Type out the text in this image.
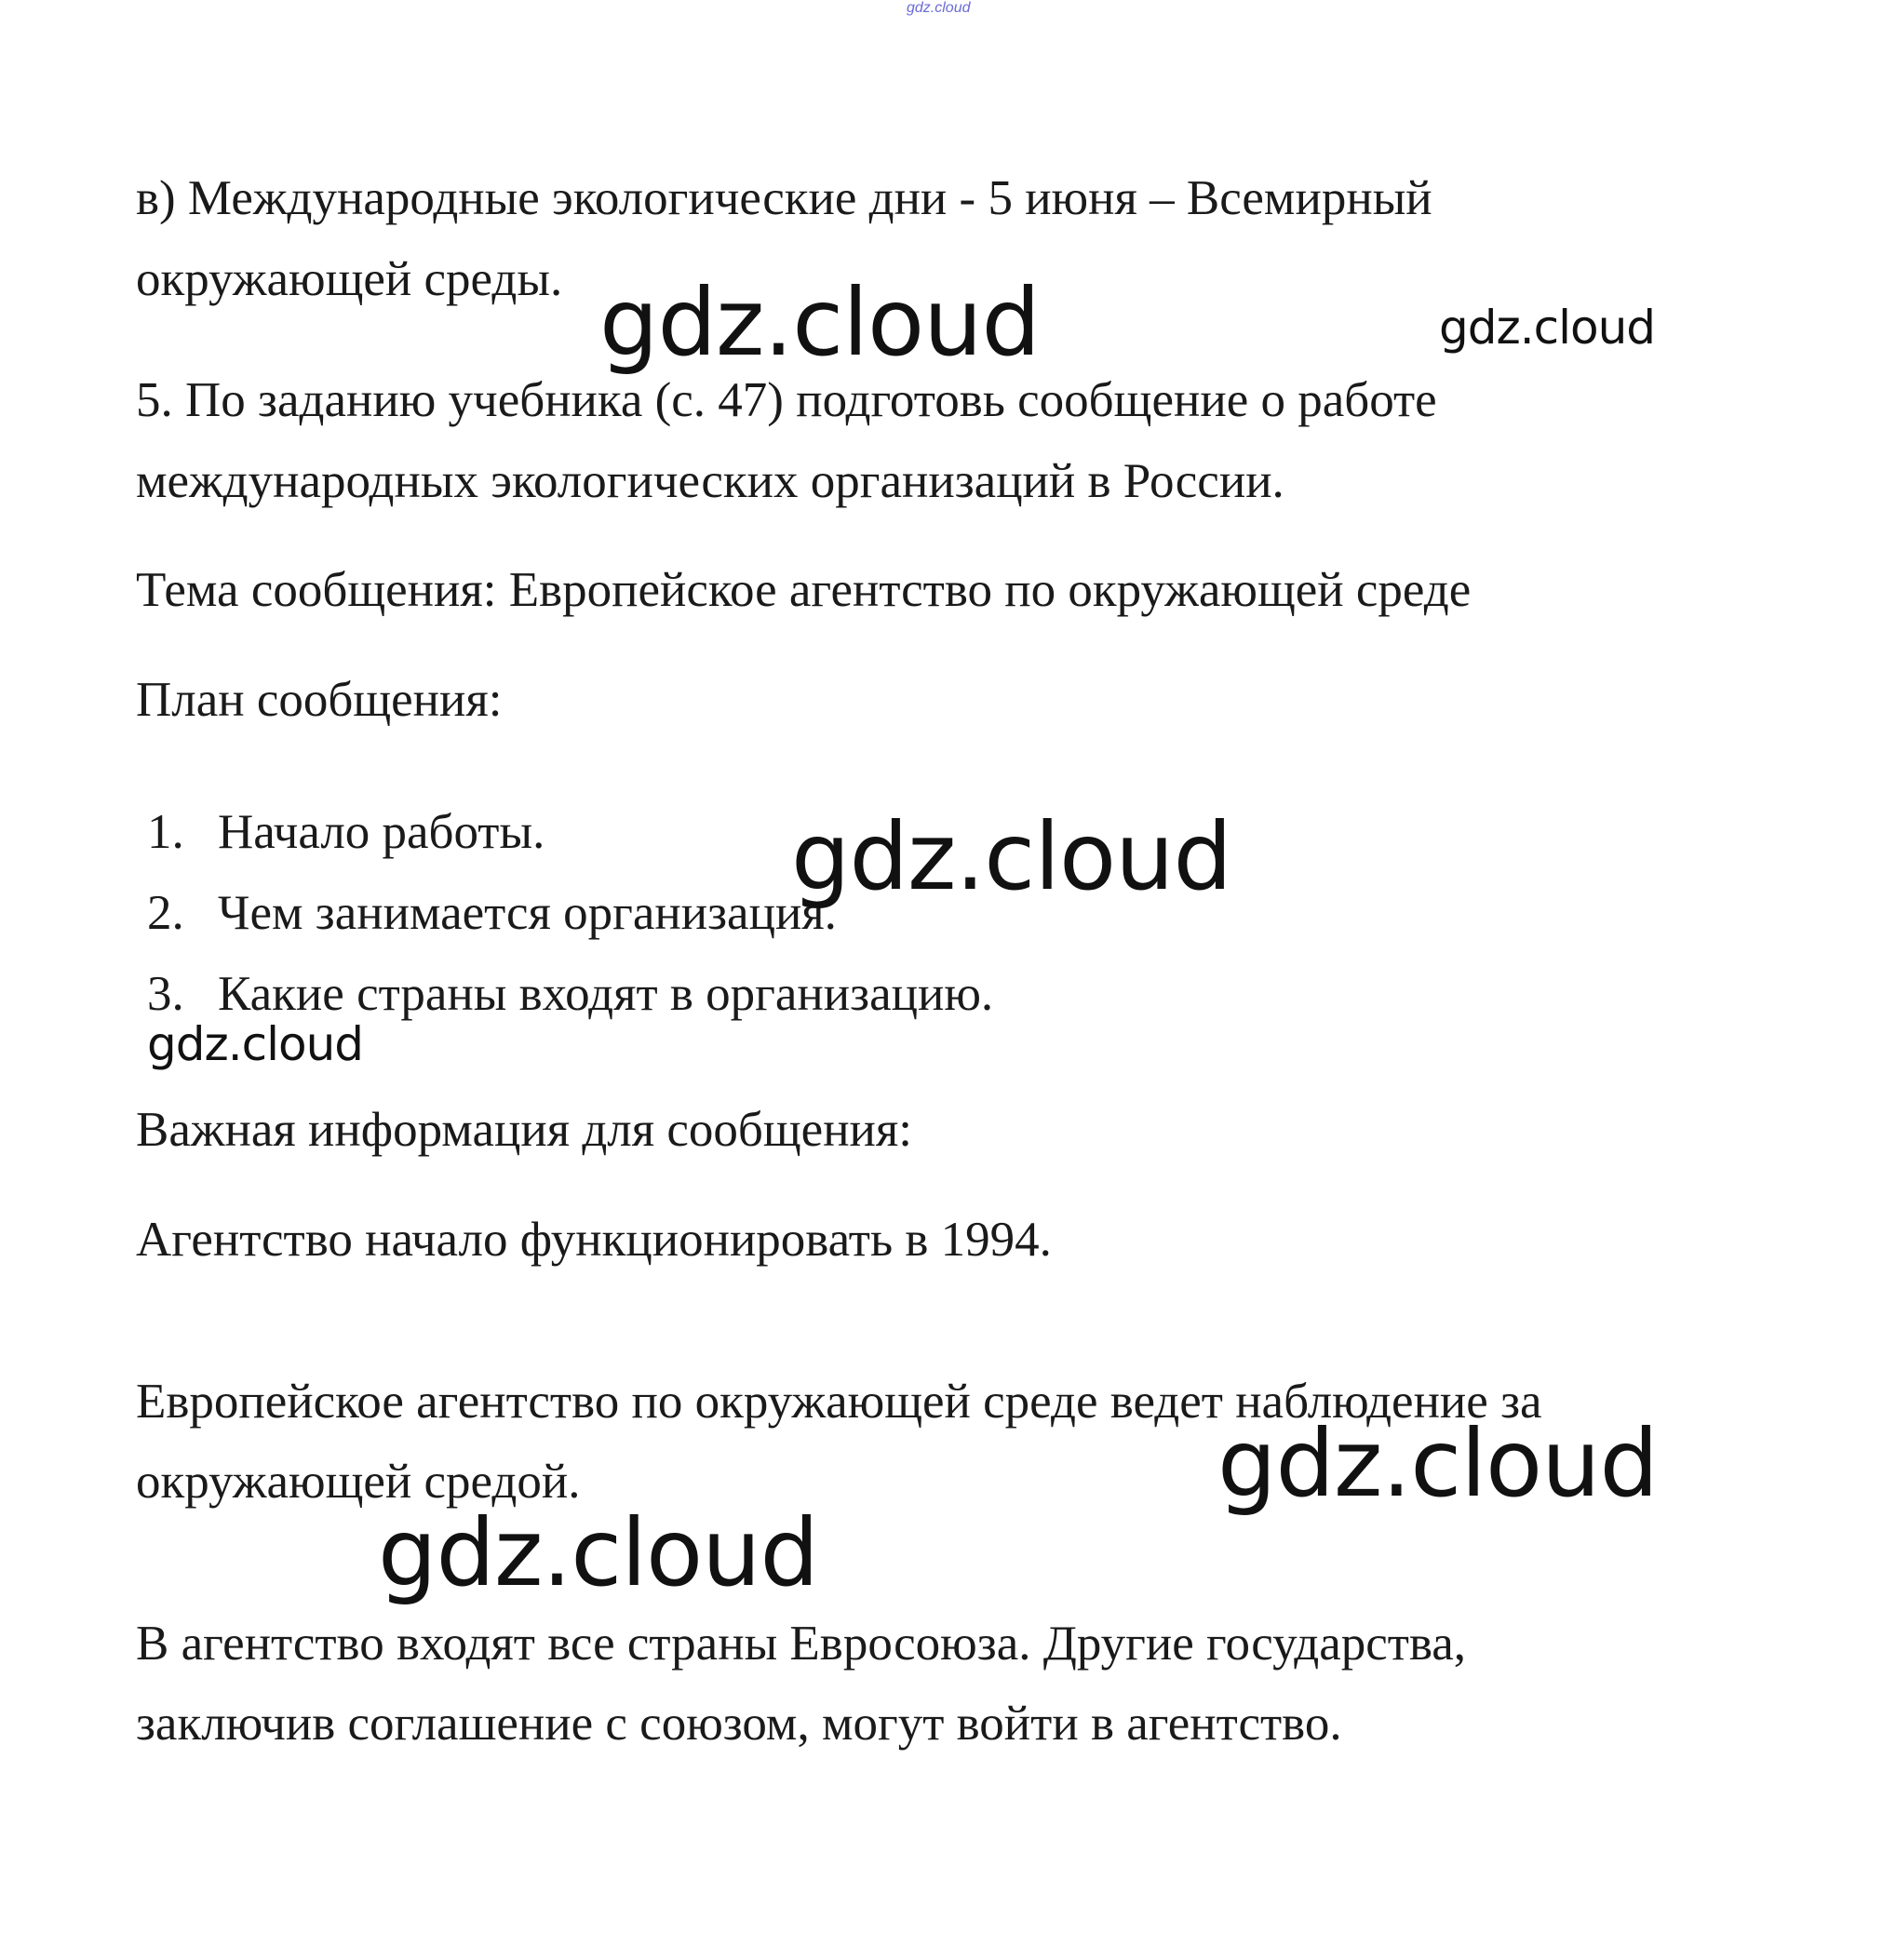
gdz.cloud
в) Международные экологические дни - 5 июня – Всемирный
окружающей среды.
5. По заданию учебника (с. 47) подготовь сообщение о работе
международных экологических организаций в России.
Тема сообщения: Европейское агентство по окружающей среде
План сообщения:
1. Начало работы.
2. Чем занимается организация.
3. Какие страны входят в организацию.
Важная информация для сообщения:
Агентство начало функционировать в 1994.
Европейское агентство по окружающей среде ведет наблюдение за
окружающей средой.
В агентство входят все страны Евросоюза. Другие государства,
заключив соглашение с союзом, могут войти в агентство.
gdz.cloud	gdz.cloud
gdz.cloud
gdz.cloud
gdz.cloud
gdz.cloud
